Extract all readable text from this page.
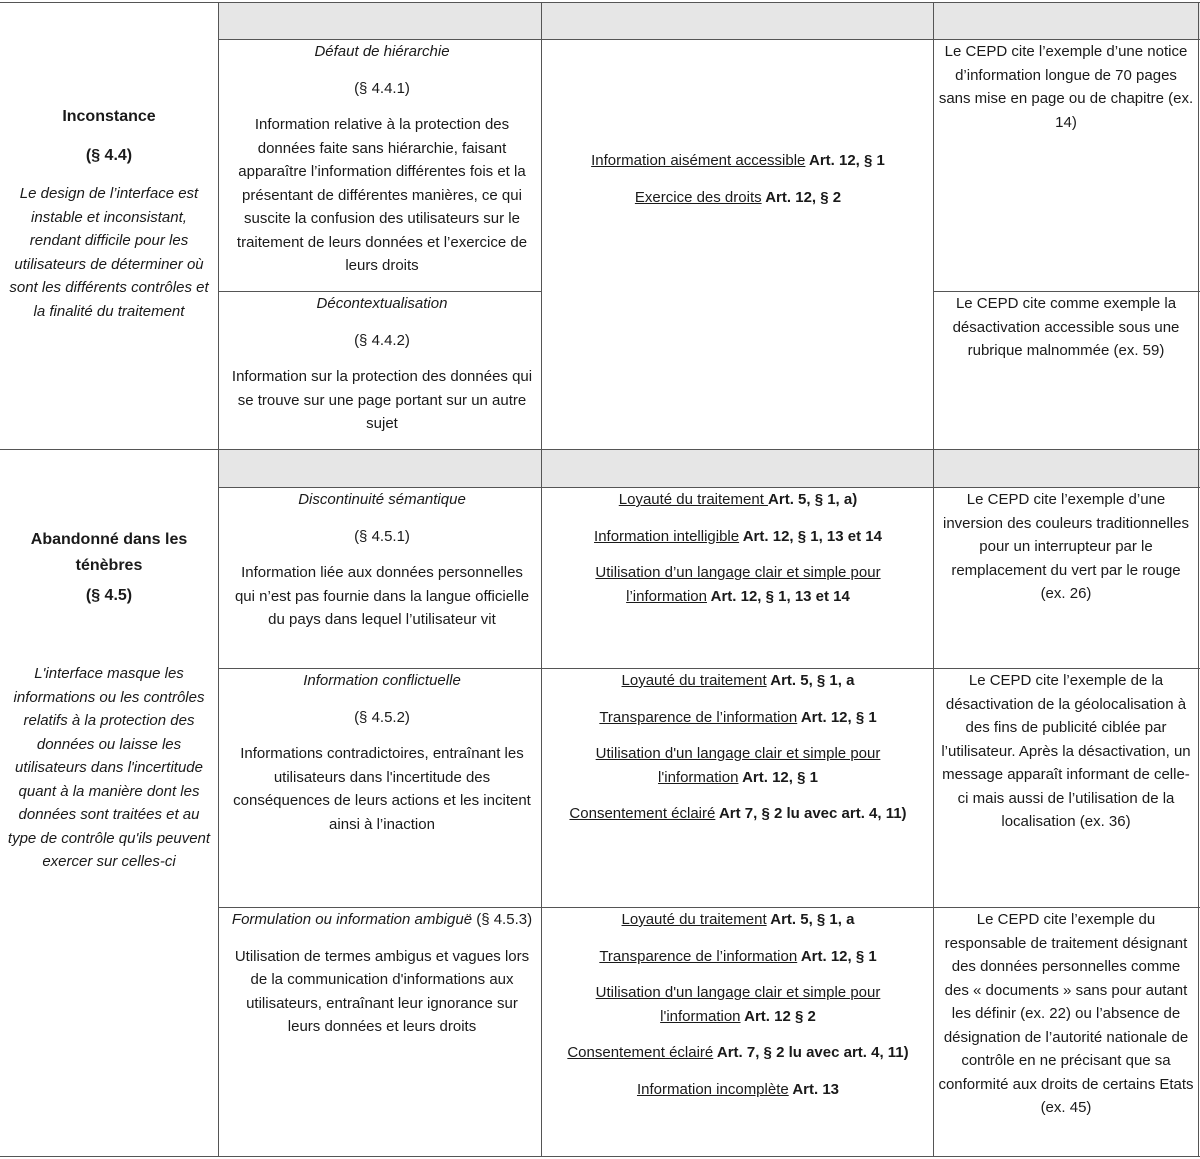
Inconstance

(§ 4.4)

Le design de l’interface est instable et inconsistant, rendant difficile pour les utilisateurs de déterminer où sont les différents contrôles et la finalité du traitement

Défaut de hiérarchie

(§ 4.4.1)

Information relative à la protection des données faite sans hiérarchie, faisant apparaître l’information différentes fois et la présentant de différentes manières, ce qui suscite la confusion des utilisateurs sur le traitement de leurs données et l’exercice de leurs droits

Décontextualisation

(§ 4.4.2)

Information sur la protection des données qui se trouve sur une page portant sur un autre sujet

Information aisément accessible Art. 12, § 1

Exercice des droits Art. 12, § 2

Le CEPD cite l’exemple d’une notice d’information longue de 70 pages sans mise en page ou de chapitre (ex. 14)

Le CEPD cite comme exemple la désactivation accessible sous une rubrique malnommée (ex. 59)

Abandonné dans les ténèbres

(§ 4.5)

L'interface masque les informations ou les contrôles relatifs à la protection des données ou laisse les utilisateurs dans l'incertitude quant à la manière dont les données sont traitées et au type de contrôle qu'ils peuvent exercer sur celles-ci

Discontinuité sémantique

(§ 4.5.1)

Information liée aux données personnelles qui n’est pas fournie dans la langue officielle du pays dans lequel l’utilisateur vit

Loyauté du traitement Art. 5, § 1, a)

Information intelligible Art. 12, § 1, 13 et 14

Utilisation d’un langage clair et simple pour l’information Art. 12, § 1, 13 et 14

Le CEPD cite l’exemple d’une inversion des couleurs traditionnelles pour un interrupteur par le remplacement du vert par le rouge (ex. 26)

Information conflictuelle

(§ 4.5.2)

Informations contradictoires, entraînant les utilisateurs dans l'incertitude des conséquences de leurs actions et les incitent ainsi à l’inaction

Loyauté du traitement Art. 5, § 1, a

Transparence de l’information Art. 12, § 1

Utilisation d'un langage clair et simple pour l'information Art. 12, § 1

Consentement éclairé Art 7, § 2 lu avec art. 4, 11)

Le CEPD cite l’exemple de la désactivation de la géolocalisation à des fins de publicité ciblée par l’utilisateur. Après la désactivation, un message apparaît informant de celle-ci mais aussi de l’utilisation de la localisation (ex. 36)

Formulation ou information ambiguë (§ 4.5.3)

Utilisation de termes ambigus et vagues lors de la communication d'informations aux utilisateurs, entraînant leur ignorance sur leurs données et leurs droits

Loyauté du traitement Art. 5, § 1, a

Transparence de l’information Art. 12, § 1

Utilisation d'un langage clair et simple pour l'information Art. 12 § 2

Consentement éclairé Art. 7, § 2 lu avec art. 4, 11)

Information incomplète Art. 13

Le CEPD cite l’exemple du responsable de traitement désignant des données personnelles comme des « documents » sans pour autant les définir (ex. 22) ou l’absence de désignation de l’autorité nationale de contrôle en ne précisant que sa conformité aux droits de certains Etats (ex. 45)
